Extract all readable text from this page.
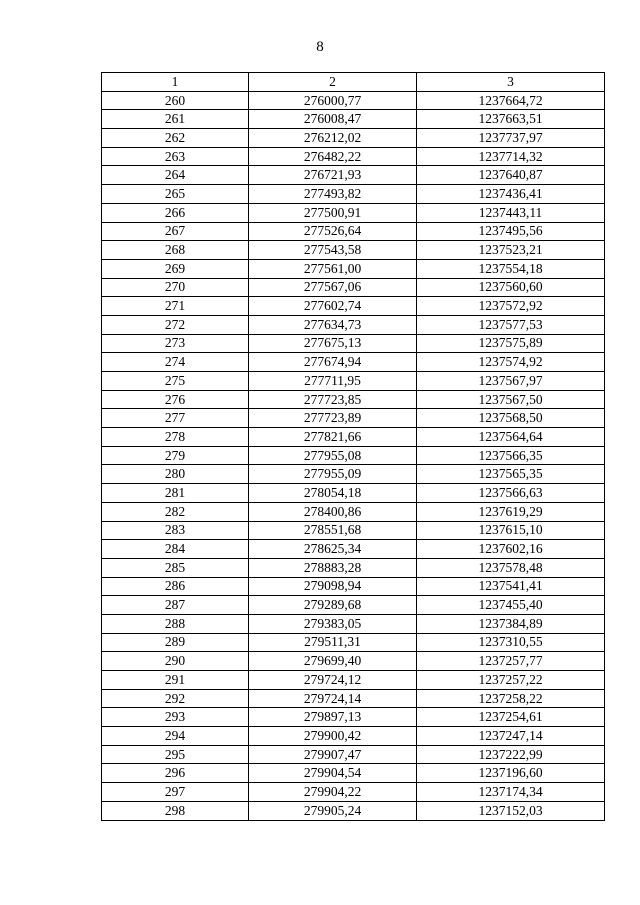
8
1	2	3
260	276000,77	1237664,72
261	276008,47	1237663,51
262	276212,02	1237737,97
263	276482,22	1237714,32
264	276721,93	1237640,87
265	277493,82	1237436,41
266	277500,91	1237443,11
267	277526,64	1237495,56
268	277543,58	1237523,21
269	277561,00	1237554,18
270	277567,06	1237560,60
271	277602,74	1237572,92
272	277634,73	1237577,53
273	277675,13	1237575,89
274	277674,94	1237574,92
275	277711,95	1237567,97
276	277723,85	1237567,50
277	277723,89	1237568,50
278	277821,66	1237564,64
279	277955,08	1237566,35
280	277955,09	1237565,35
281	278054,18	1237566,63
282	278400,86	1237619,29
283	278551,68	1237615,10
284	278625,34	1237602,16
285	278883,28	1237578,48
286	279098,94	1237541,41
287	279289,68	1237455,40
288	279383,05	1237384,89
289	279511,31	1237310,55
290	279699,40	1237257,77
291	279724,12	1237257,22
292	279724,14	1237258,22
293	279897,13	1237254,61
294	279900,42	1237247,14
295	279907,47	1237222,99
296	279904,54	1237196,60
297	279904,22	1237174,34
298	279905,24	1237152,03
